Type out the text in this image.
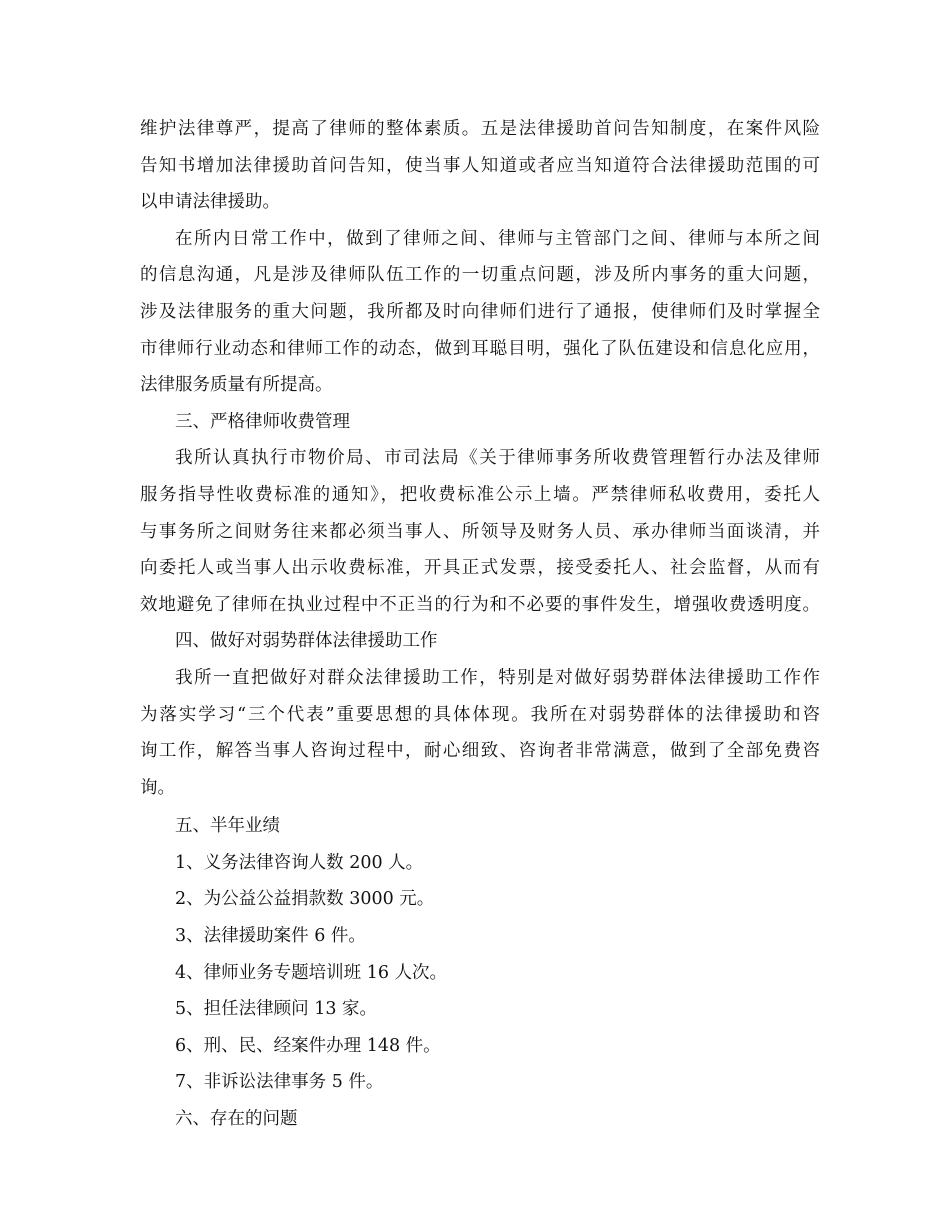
维护法律尊严，提高了律师的整体素质。五是法律援助首问告知制度，在案件风险
告知书增加法律援助首问告知，使当事人知道或者应当知道符合法律援助范围的可
以申请法律援助。

在所内日常工作中，做到了律师之间、律师与主管部门之间、律师与本所之间
的信息沟通，凡是涉及律师队伍工作的一切重点问题，涉及所内事务的重大问题，
涉及法律服务的重大问题，我所都及时向律师们进行了通报，使律师们及时掌握全
市律师行业动态和律师工作的动态，做到耳聪目明，强化了队伍建设和信息化应用，
法律服务质量有所提高。

三、严格律师收费管理

我所认真执行市物价局、市司法局《关于律师事务所收费管理暂行办法及律师
服务指导性收费标准的通知》，把收费标准公示上墙。严禁律师私收费用，委托人
与事务所之间财务往来都必须当事人、所领导及财务人员、承办律师当面谈清，并
向委托人或当事人出示收费标准，开具正式发票，接受委托人、社会监督，从而有
效地避免了律师在执业过程中不正当的行为和不必要的事件发生，增强收费透明度。

四、做好对弱势群体法律援助工作

我所一直把做好对群众法律援助工作，特别是对做好弱势群体法律援助工作作
为落实学习“三个代表”重要思想的具体体现。我所在对弱势群体的法律援助和咨
询工作，解答当事人咨询过程中，耐心细致、咨询者非常满意，做到了全部免费咨
询。

五、半年业绩

1、义务法律咨询人数 200 人。
2、为公益公益捐款数 3000 元。
3、法律援助案件 6 件。
4、律师业务专题培训班 16 人次。
5、担任法律顾问 13 家。
6、刑、民、经案件办理 148 件。
7、非诉讼法律事务 5 件。

六、存在的问题
